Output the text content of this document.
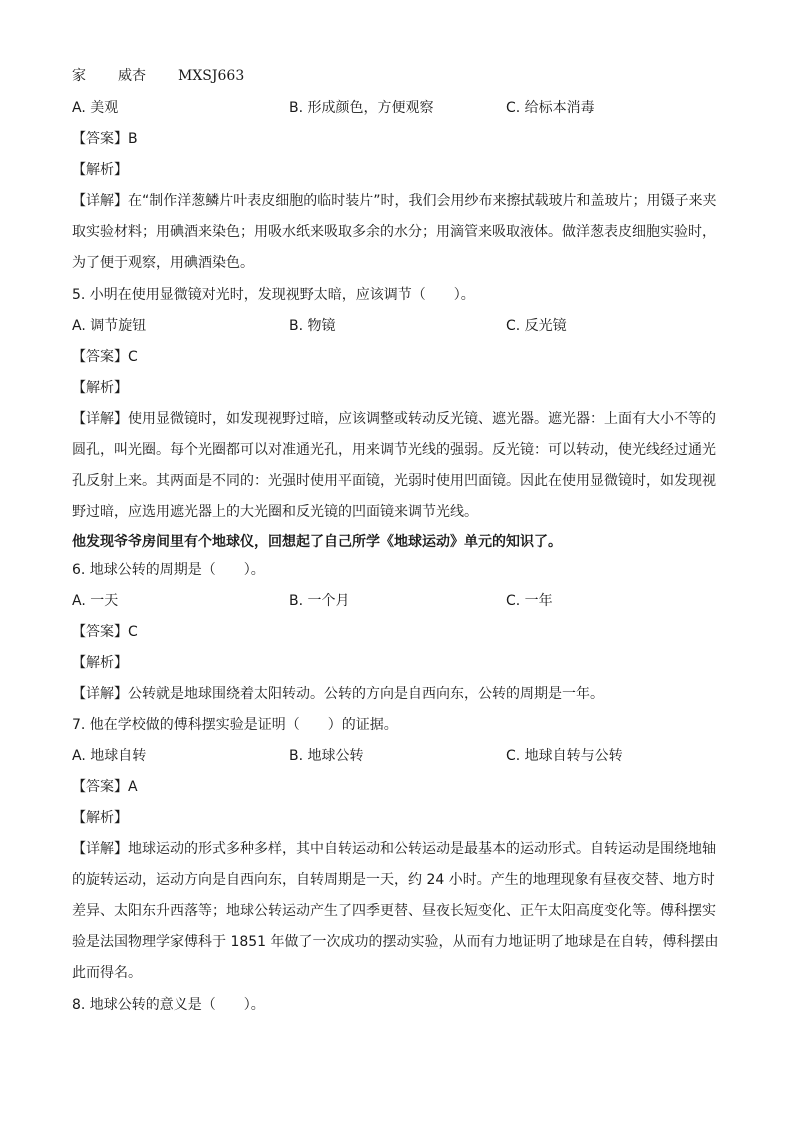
家 威杏 MXSJ663
A. 美观	B. 形成颜色，方便观察	C. 给标本消毒
【答案】B
【解析】
【详解】在“制作洋葱鳞片叶表皮细胞的临时装片”时，我们会用纱布来擦拭载玻片和盖玻片；用镊子来夹取实验材料；用碘酒来染色；用吸水纸来吸取多余的水分；用滴管来吸取液体。做洋葱表皮细胞实验时，为了便于观察，用碘酒染色。
5. 小明在使用显微镜对光时，发现视野太暗，应该调节（　　）。
A. 调节旋钮	B. 物镜	C. 反光镜
【答案】C
【解析】
【详解】使用显微镜时，如发现视野过暗，应该调整或转动反光镜、遮光器。遮光器：上面有大小不等的圆孔，叫光圈。每个光圈都可以对准通光孔，用来调节光线的强弱。反光镜：可以转动，使光线经过通光孔反射上来。其两面是不同的：光强时使用平面镜，光弱时使用凹面镜。因此在使用显微镜时，如发现视野过暗，应选用遮光器上的大光圈和反光镜的凹面镜来调节光线。
他发现爷爷房间里有个地球仪，回想起了自己所学《地球运动》单元的知识了。
6. 地球公转的周期是（　　）。
A. 一天	B. 一个月	C. 一年
【答案】C
【解析】
【详解】公转就是地球围绕着太阳转动。公转的方向是自西向东，公转的周期是一年。
7. 他在学校做的傅科摆实验是证明（　　）的证据。
A. 地球自转	B. 地球公转	C. 地球自转与公转
【答案】A
【解析】
【详解】地球运动的形式多种多样，其中自转运动和公转运动是最基本的运动形式。自转运动是围绕地轴的旋转运动，运动方向是自西向东，自转周期是一天，约 24 小时。产生的地理现象有昼夜交替、地方时差异、太阳东升西落等；地球公转运动产生了四季更替、昼夜长短变化、正午太阳高度变化等。傅科摆实验是法国物理学家傅科于 1851 年做了一次成功的摆动实验，从而有力地证明了地球是在自转，傅科摆由此而得名。
8. 地球公转的意义是（　　）。
